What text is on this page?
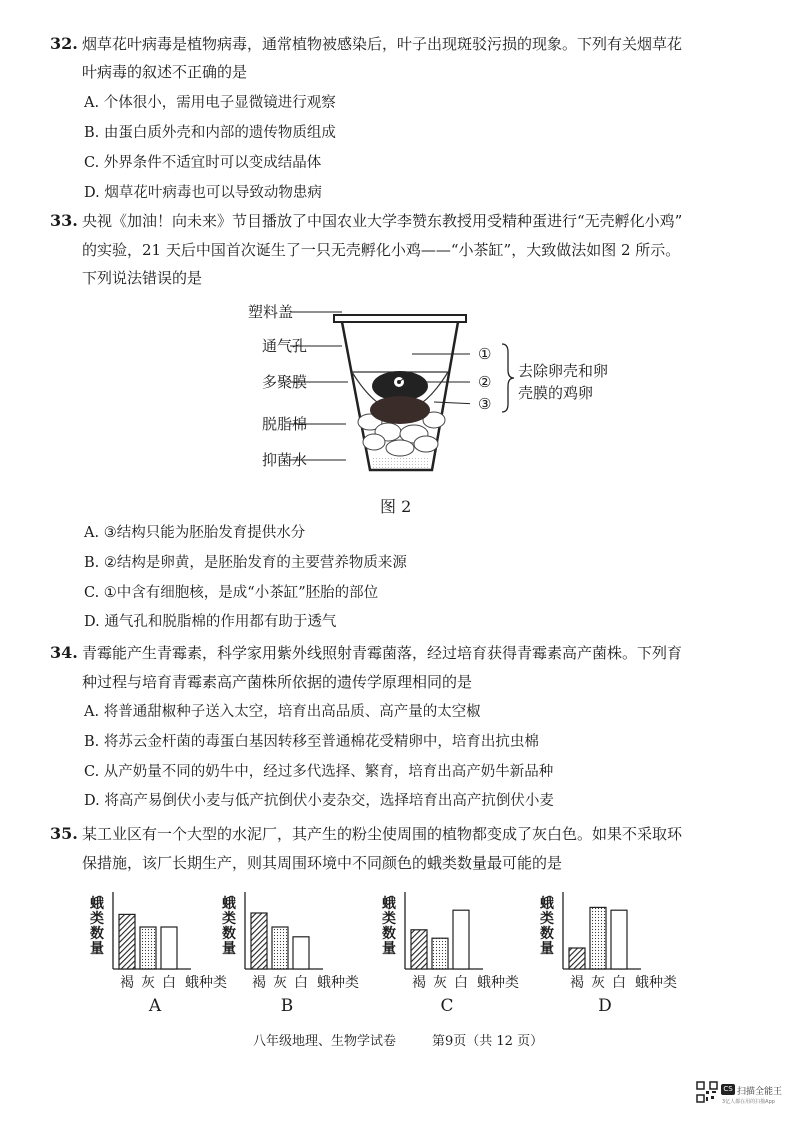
32. 烟草花叶病毒是植物病毒，通常植物被感染后，叶子出现斑驳污损的现象。下列有关烟草花
叶病毒的叙述不正确的是
A. 个体很小，需用电子显微镜进行观察
B. 由蛋白质外壳和内部的遗传物质组成
C. 外界条件不适宜时可以变成结晶体
D. 烟草花叶病毒也可以导致动物患病
33. 央视《加油！向未来》节目播放了中国农业大学李赞东教授用受精种蛋进行“无壳孵化小鸡”
的实验，21 天后中国首次诞生了一只无壳孵化小鸡——“小茶缸”，大致做法如图 2 所示。
下列说法错误的是
塑料盖
通气孔
多聚膜
脱脂棉
抑菌水
①
②
③
去除卵壳和卵
壳膜的鸡卵
图 2
A. ③结构只能为胚胎发育提供水分
B. ②结构是卵黄，是胚胎发育的主要营养物质来源
C. ①中含有细胞核，是成“小茶缸”胚胎的部位
D. 通气孔和脱脂棉的作用都有助于透气
34. 青霉能产生青霉素，科学家用紫外线照射青霉菌落，经过培育获得青霉素高产菌株。下列育
种过程与培育青霉素高产菌株所依据的遗传学原理相同的是
A. 将普通甜椒种子送入太空，培育出高品质、高产量的太空椒
B. 将苏云金杆菌的毒蛋白基因转移至普通棉花受精卵中，培育出抗虫棉
C. 从产奶量不同的奶牛中，经过多代选择、繁育，培育出高产奶牛新品种
D. 将高产易倒伏小麦与低产抗倒伏小麦杂交，选择培育出高产抗倒伏小麦
35. 某工业区有一个大型的水泥厂，其产生的粉尘使周围的植物都变成了灰白色。如果不采取环
保措施，该厂长期生产，则其周围环境中不同颜色的蛾类数量最可能的是
蛾
类
数
量
褐 灰 白 蛾种类
A
蛾
类
数
量
褐 灰 白 蛾种类
B
蛾
类
数
量
褐 灰 白 蛾种类
C
蛾
类
数
量
褐 灰 白 蛾种类
D
八年级地理、生物学试卷	第9页（共 12 页）
CS 扫描全能王
3亿人都在用的扫描App
